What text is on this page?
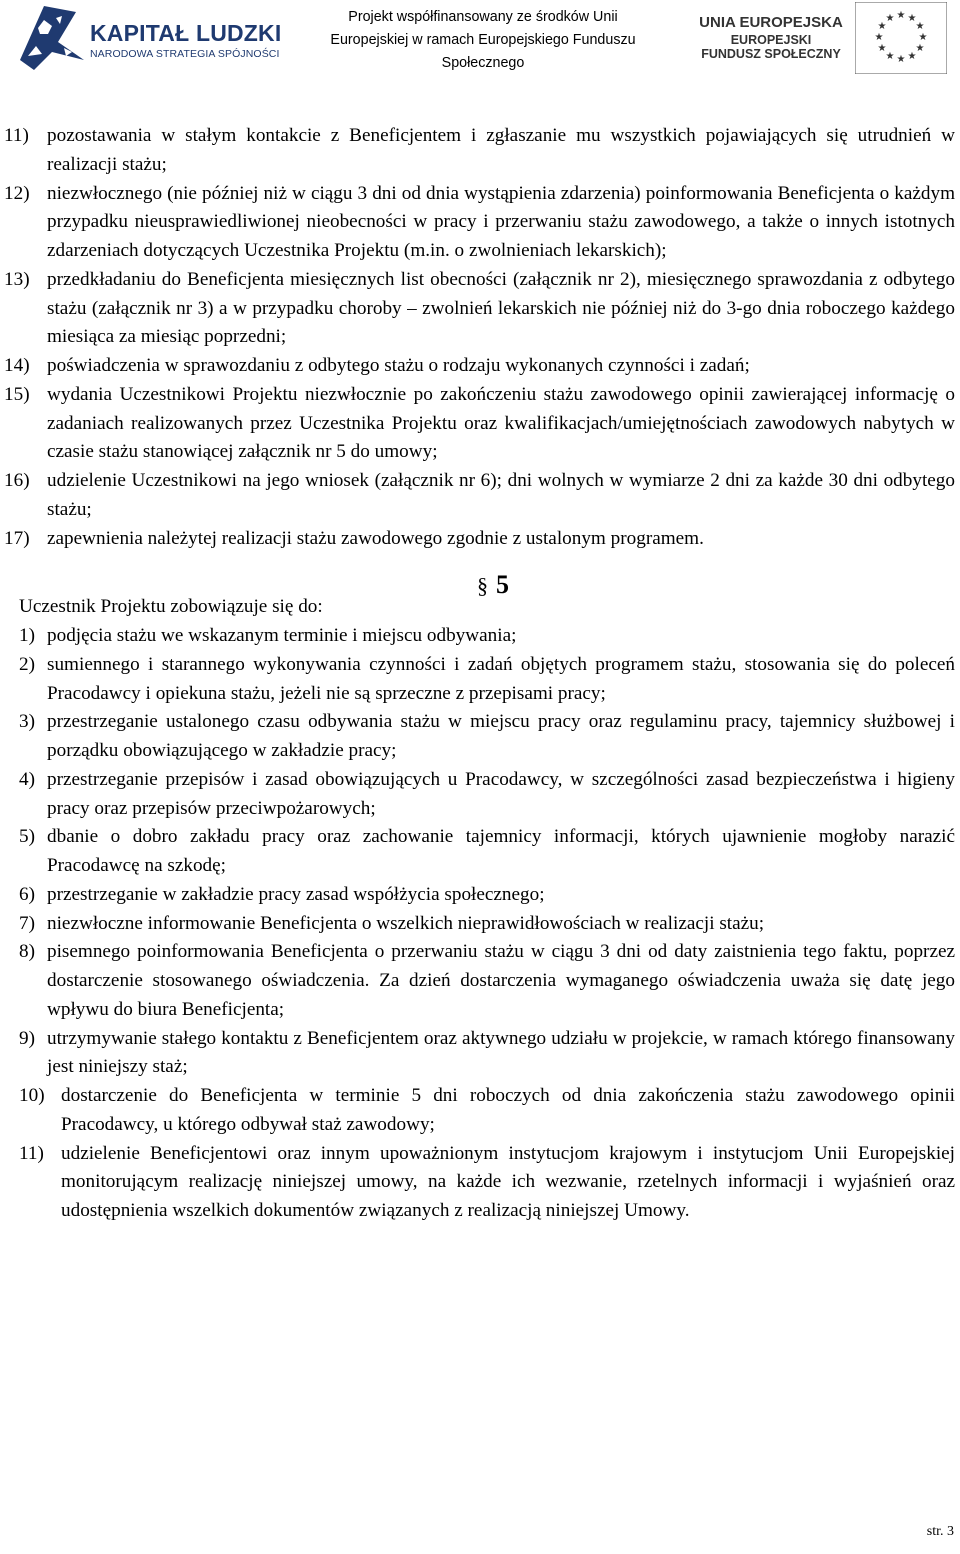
KAPITAŁ LUDZKI
NARODOWA STRATEGIA SPÓJNOŚCI
Projekt współfinansowany ze środków Unii
Europejskiej w ramach Europejskiego Funduszu
Społecznego
UNIA EUROPEJSKA
EUROPEJSKI
FUNDUSZ SPOŁECZNY
★ ★
★
★
★
★
★
★
★
★
★
★
11) pozostawania w stałym kontakcie z Beneficjentem i zgłaszanie mu wszystkich pojawiających się utrudnień w realizacji stażu;
12) niezwłocznego (nie później niż w ciągu 3 dni od dnia wystąpienia zdarzenia) poinformowania Beneficjenta o każdym przypadku nieusprawiedliwionej nieobecności w pracy i przerwaniu stażu zawodowego, a także o innych istotnych zdarzeniach dotyczących Uczestnika Projektu (m.in. o zwolnieniach lekarskich);
13) przedkładaniu do Beneficjenta miesięcznych list obecności (załącznik nr 2), miesięcznego sprawozdania z odbytego stażu (załącznik nr 3) a w przypadku choroby – zwolnień lekarskich nie później niż do 3-go dnia roboczego każdego miesiąca za miesiąc poprzedni;
14) poświadczenia w sprawozdaniu z odbytego stażu o rodzaju wykonanych czynności i zadań;
15) wydania Uczestnikowi Projektu niezwłocznie po zakończeniu stażu zawodowego opinii zawierającej informację o zadaniach realizowanych przez Uczestnika Projektu oraz kwalifikacjach/umiejętnościach zawodowych nabytych w czasie stażu stanowiącej załącznik nr 5 do umowy;
16) udzielenie Uczestnikowi na jego wniosek (załącznik nr 6); dni wolnych w wymiarze 2 dni za każde 30 dni odbytego stażu;
17) zapewnienia należytej realizacji stażu zawodowego zgodnie z ustalonym programem.
§ 5
Uczestnik Projektu zobowiązuje się do:
1) podjęcia stażu we wskazanym terminie i miejscu odbywania;
2) sumiennego i starannego wykonywania czynności i zadań objętych programem stażu, stosowania się do poleceń Pracodawcy i opiekuna stażu, jeżeli nie są sprzeczne z przepisami pracy;
3) przestrzeganie ustalonego czasu odbywania stażu w miejscu pracy oraz regulaminu pracy, tajemnicy służbowej i porządku obowiązującego w zakładzie pracy;
4) przestrzeganie przepisów i zasad obowiązujących u Pracodawcy, w szczególności zasad bezpieczeństwa i higieny pracy oraz przepisów przeciwpożarowych;
5) dbanie o dobro zakładu pracy oraz zachowanie tajemnicy informacji, których ujawnienie mogłoby narazić Pracodawcę na szkodę;
6) przestrzeganie w zakładzie pracy zasad współżycia społecznego;
7) niezwłoczne informowanie Beneficjenta o wszelkich nieprawidłowościach w realizacji stażu;
8) pisemnego poinformowania Beneficjenta o przerwaniu stażu w ciągu 3 dni od daty zaistnienia tego faktu, poprzez dostarczenie stosowanego oświadczenia. Za dzień dostarczenia wymaganego oświadczenia uważa się datę jego wpływu do biura Beneficjenta;
9) utrzymywanie stałego kontaktu z Beneficjentem oraz aktywnego udziału w projekcie, w ramach którego finansowany jest niniejszy staż;
10) dostarczenie do Beneficjenta w terminie 5 dni roboczych od dnia zakończenia stażu zawodowego opinii Pracodawcy, u którego odbywał staż zawodowy;
11) udzielenie Beneficjentowi oraz innym upoważnionym instytucjom krajowym i instytucjom Unii Europejskiej monitorującym realizację niniejszej umowy, na każde ich wezwanie, rzetelnych informacji i wyjaśnień oraz udostępnienia wszelkich dokumentów związanych z realizacją niniejszej Umowy.
str. 3
